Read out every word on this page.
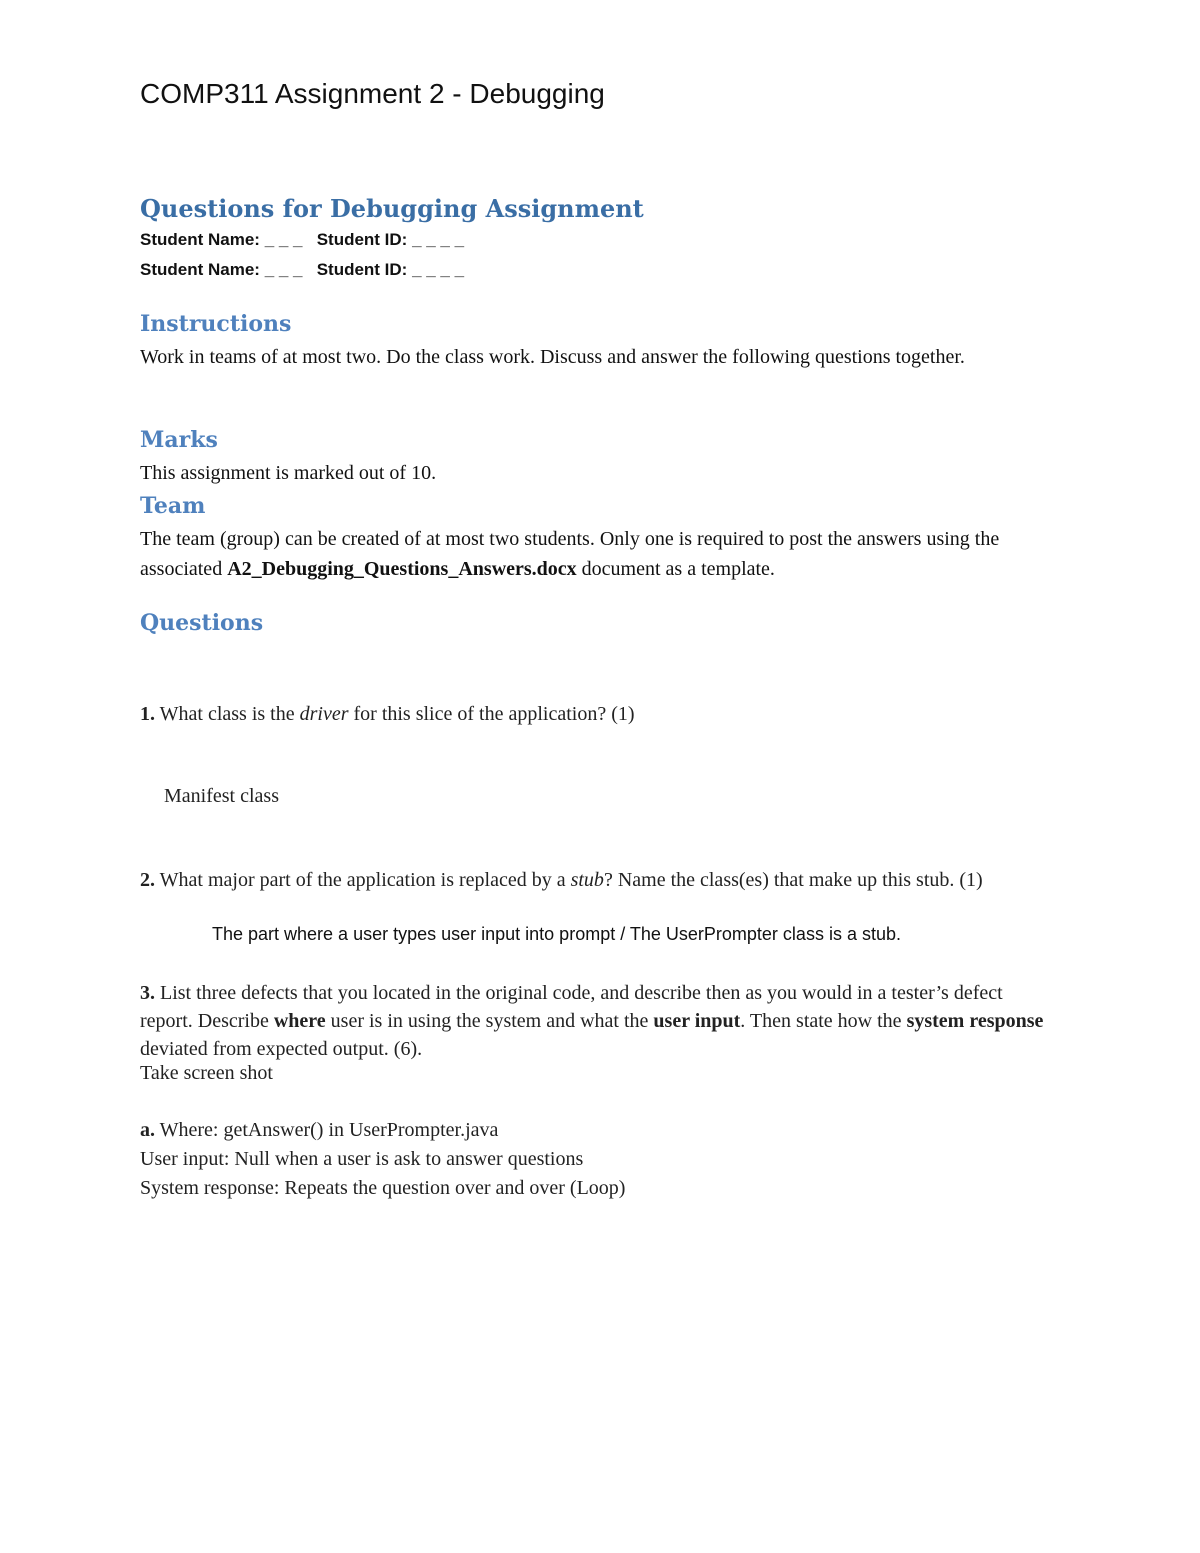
COMP311 Assignment 2 - Debugging
Questions for Debugging Assignment
Student Name: _ _ _ Student ID: _ _ _ _
Student Name: _ _ _ Student ID: _ _ _ _
Instructions
Work in teams of at most two. Do the class work. Discuss and answer the following questions together.
Marks
This assignment is marked out of 10.
Team
The team (group) can be created of at most two students. Only one is required to post the answers using the associated A2_Debugging_Questions_Answers.docx document as a template.
Questions
1. What class is the driver for this slice of the application? (1)
Manifest class
2. What major part of the application is replaced by a stub? Name the class(es) that make up this stub. (1)
The part where a user types user input into prompt / The UserPrompter class is a stub.
3. List three defects that you located in the original code, and describe then as you would in a tester’s defect report. Describe where user is in using the system and what the user input. Then state how the system response deviated from expected output. (6).
Take screen shot
a. Where: getAnswer() in UserPrompter.java
User input: Null when a user is ask to answer questions
System response: Repeats the question over and over (Loop)
